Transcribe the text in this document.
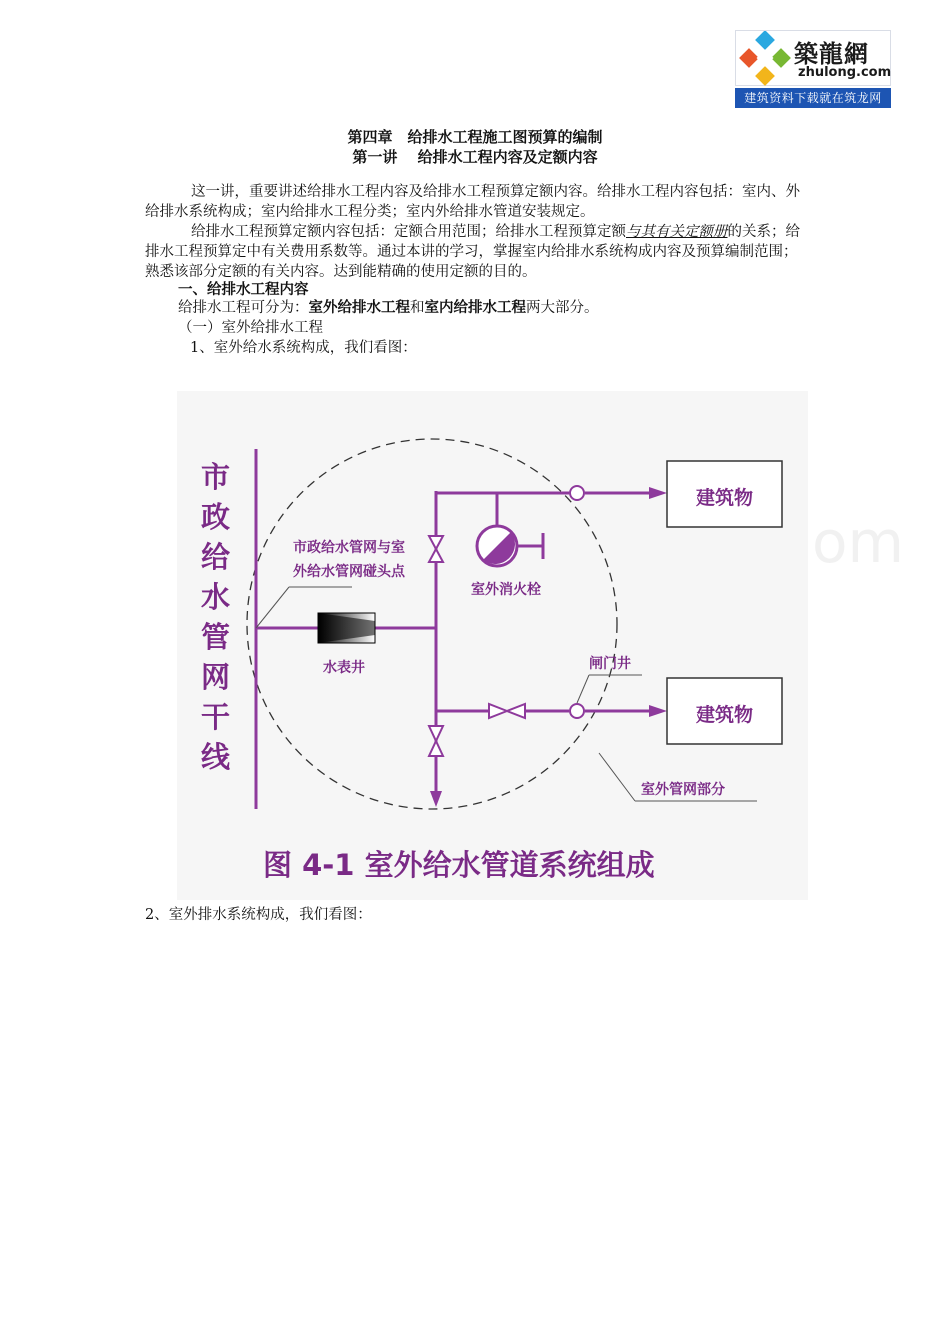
築龍網
zhulong.com
建筑资料下载就在筑龙网
第四章　给排水工程施工图预算的编制
第一讲　 给排水工程内容及定额内容
这一讲，重要讲述给排水工程内容及给排水工程预算定额内容。给排水工程内容包括：室内、外给排水系统构成；室内给排水工程分类；室内外给排水管道安装规定。
给排水工程预算定额内容包括：定额合用范围；给排水工程预算定额与其有关定额册的关系；给排水工程预算定中有关费用系数等。通过本讲的学习，掌握室内给排水系统构成内容及预算编制范围；熟悉该部分定额的有关内容。达到能精确的使用定额的目的。
一、给排水工程内容
给排水工程可分为：室外给排水工程和室内给排水工程两大部分。
（一）室外给排水工程
1、室外给水系统构成，我们看图：
市政给水管网干线
市政给水管网与室
外给水管网碰头点
室外消火栓
水表井	闸门井
建筑物
建筑物
室外管网部分
图 4-1 室外给水管道系统组成
om
2、室外排水系统构成，我们看图：
